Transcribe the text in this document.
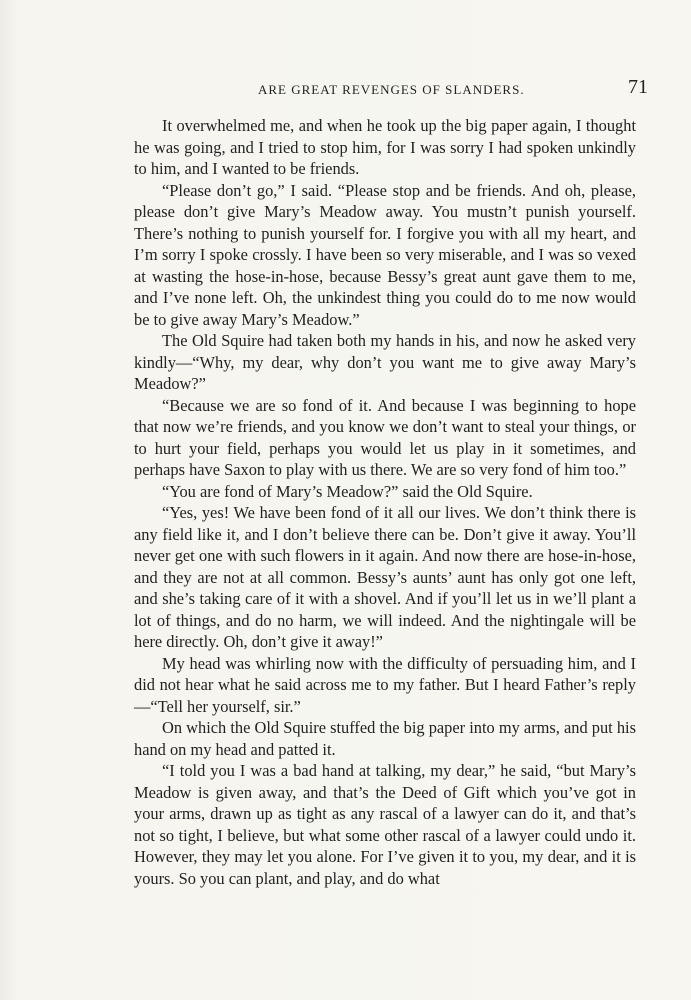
ARE GREAT REVENGES OF SLANDERS.	71

It overwhelmed me, and when he took up the big paper again, I thought he was going, and I tried to stop him, for I was sorry I had spoken unkindly to him, and I wanted to be friends.

“Please don’t go,” I said. “Please stop and be friends. And oh, please, please don’t give Mary’s Meadow away. You mustn’t punish yourself. There’s nothing to punish yourself for. I forgive you with all my heart, and I’m sorry I spoke crossly. I have been so very miserable, and I was so vexed at wasting the hose-in-hose, because Bessy’s great aunt gave them to me, and I’ve none left. Oh, the unkindest thing you could do to me now would be to give away Mary’s Meadow.”

The Old Squire had taken both my hands in his, and now he asked very kindly—“Why, my dear, why don’t you want me to give away Mary’s Meadow?”

“Because we are so fond of it. And because I was beginning to hope that now we’re friends, and you know we don’t want to steal your things, or to hurt your field, perhaps you would let us play in it sometimes, and perhaps have Saxon to play with us there. We are so very fond of him too.”

“You are fond of Mary’s Meadow?” said the Old Squire.

“Yes, yes! We have been fond of it all our lives. We don’t think there is any field like it, and I don’t believe there can be. Don’t give it away. You’ll never get one with such flowers in it again. And now there are hose-in-hose, and they are not at all common. Bessy’s aunts’ aunt has only got one left, and she’s taking care of it with a shovel. And if you’ll let us in we’ll plant a lot of things, and do no harm, we will indeed. And the nightingale will be here directly. Oh, don’t give it away!”

My head was whirling now with the difficulty of persuading him, and I did not hear what he said across me to my father. But I heard Father’s reply—“Tell her yourself, sir.”

On which the Old Squire stuffed the big paper into my arms, and put his hand on my head and patted it.

“I told you I was a bad hand at talking, my dear,” he said, “but Mary’s Meadow is given away, and that’s the Deed of Gift which you’ve got in your arms, drawn up as tight as any rascal of a lawyer can do it, and that’s not so tight, I believe, but what some other rascal of a lawyer could undo it. However, they may let you alone. For I’ve given it to you, my dear, and it is yours. So you can plant, and play, and do what
